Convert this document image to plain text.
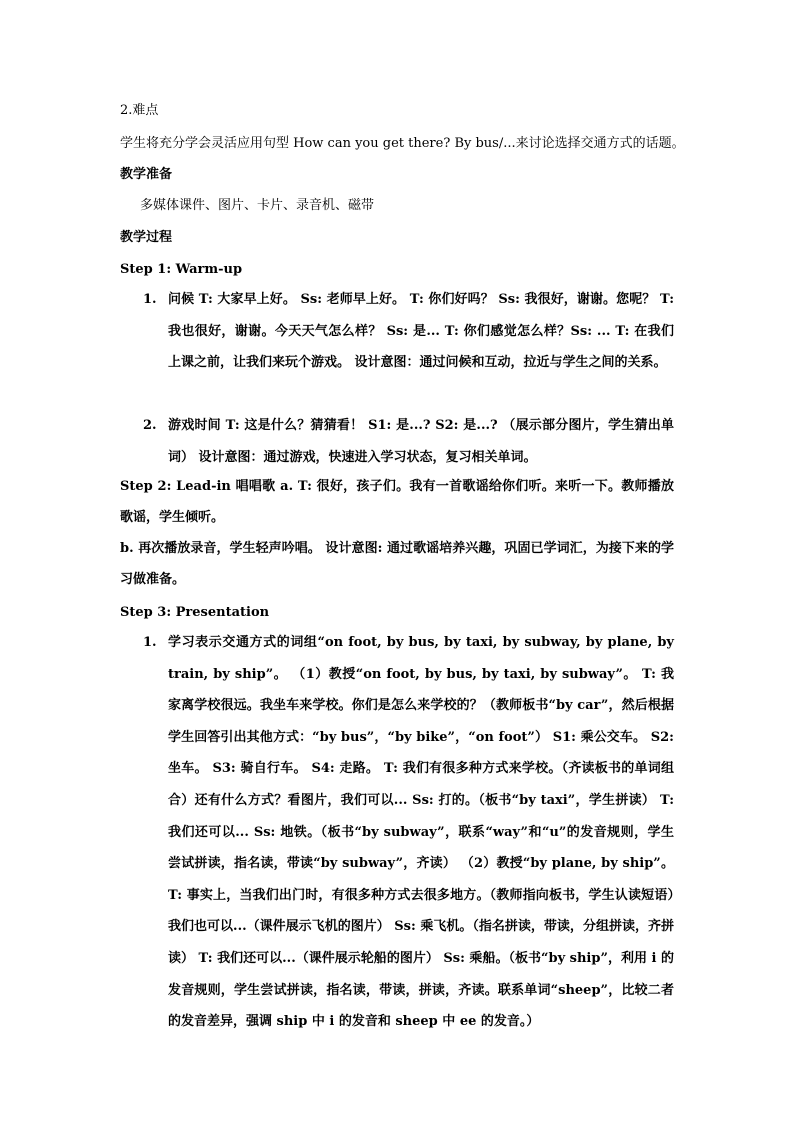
2.难点
学生将充分学会灵活应用句型 How can you get there? By bus/...来讨论选择交通方式的话题。
教学准备
多媒体课件、图片、卡片、录音机、磁带
教学过程
Step 1: Warm-up
1. 问候 T: 大家早上好。 Ss: 老师早上好。 T: 你们好吗？ Ss: 我很好，谢谢。您呢？ T: 我也很好，谢谢。今天天气怎么样？ Ss: 是... T: 你们感觉怎么样？Ss: ... T: 在我们上课之前，让我们来玩个游戏。 设计意图：通过问候和互动，拉近与学生之间的关系。

2. 游戏时间 T: 这是什么？猜猜看！ S1: 是...? S2: 是...? （展示部分图片，学生猜出单词） 设计意图：通过游戏，快速进入学习状态，复习相关单词。

Step 2: Lead-in 唱唱歌 a. T: 很好，孩子们。我有一首歌谣给你们听。来听一下。教师播放歌谣，学生倾听。

b. 再次播放录音，学生轻声吟唱。 设计意图: 通过歌谣培养兴趣，巩固已学词汇，为接下来的学习做准备。

Step 3: Presentation
1. 学习表示交通方式的词组“on foot, by bus, by taxi, by subway, by plane, by train, by ship”。 （1）教授“on foot, by bus, by taxi, by subway”。 T: 我家离学校很远。我坐车来学校。你们是怎么来学校的？（教师板书“by car”，然后根据学生回答引出其他方式：“by bus”，“by bike”，“on foot”） S1: 乘公交车。 S2: 坐车。 S3: 骑自行车。 S4: 走路。 T: 我们有很多种方式来学校。（齐读板书的单词组合）还有什么方式？看图片，我们可以... Ss: 打的。（板书“by taxi”，学生拼读） T: 我们还可以... Ss: 地铁。（板书“by subway”，联系“way”和“u”的发音规则，学生尝试拼读，指名读，带读“by subway”，齐读） （2）教授“by plane, by ship”。 T: 事实上，当我们出门时，有很多种方式去很多地方。（教师指向板书，学生认读短语）我们也可以...（课件展示飞机的图片） Ss: 乘飞机。（指名拼读，带读，分组拼读，齐拼读） T: 我们还可以...（课件展示轮船的图片） Ss: 乘船。（板书“by ship”，利用 i 的发音规则，学生尝试拼读，指名读，带读，拼读，齐读。联系单词“sheep”，比较二者的发音差异，强调 ship 中 i 的发音和 sheep 中 ee 的发音。）
